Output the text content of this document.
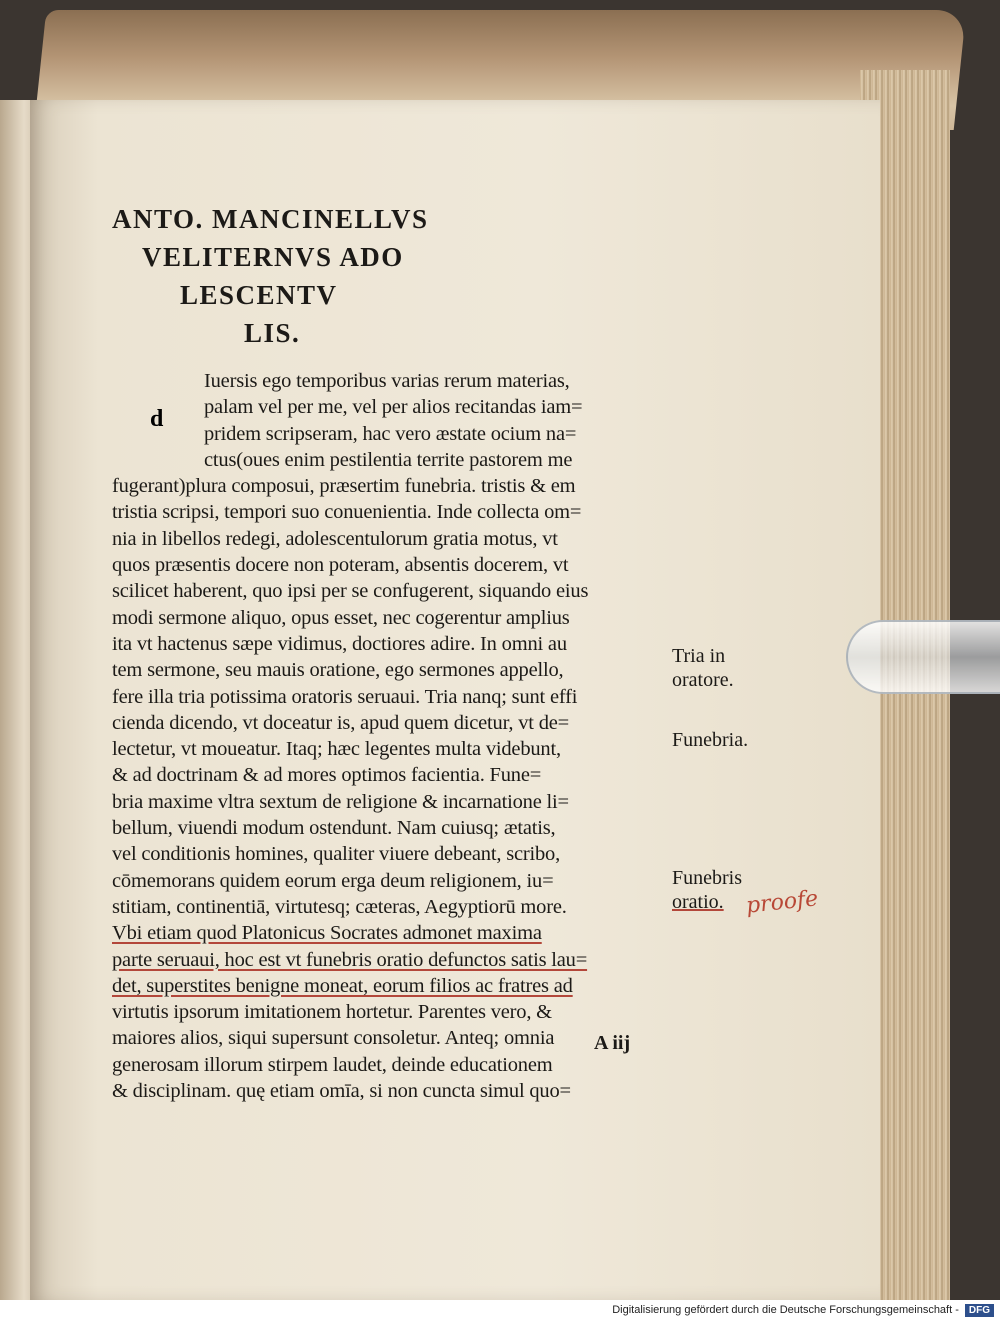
ANTO. MANCINELLVS
VELITERNVS ADO
LESCENTV
LIS.
Iuersis ego temporibus varias rerum materias,
palam vel per me, vel per alios recitandas iam=
pridem scripseram, hac vero æstate ocium na=
ctus(oues enim pestilentia territe pastorem me
fugerant)plura composui, præsertim funebria. tristis & em
tristia scripsi, tempori suo conuenientia. Inde collecta om=
nia in libellos redegi, adolescentulorum gratia motus, vt
quos præsentis docere non poteram, absentis docerem, vt
scilicet haberent, quo ipsi per se confugerent, siquando eius
modi sermone aliquo, opus esset, nec cogerentur amplius
ita vt hactenus sæpe vidimus, doctiores adire. In omni au
tem sermone, seu mauis oratione, ego sermones appello,
fere illa tria potissima oratoris seruaui. Tria nanq; sunt effi
cienda dicendo, vt doceatur is, apud quem dicetur, vt de=
lectetur, vt moueatur. Itaq; hæc legentes multa videbunt,
& ad doctrinam & ad mores optimos facientia. Fune=
bria maxime vltra sextum de religione & incarnatione li=
bellum, viuendi modum ostendunt. Nam cuiusq; ætatis,
vel conditionis homines, qualiter viuere debeant, scribo,
cōmemorans quidem eorum erga deum religionem, iu=
stitiam, continentiā, virtutesq; cæteras, Aegyptiorū more.
Vbi etiam quod Platonicus Socrates admonet maxima
parte seruaui, hoc est vt funebris oratio defunctos satis lau=
det, superstites benigne moneat, eorum filios ac fratres ad
virtutis ipsorum imitationem hortetur. Parentes vero, &
maiores alios, siqui supersunt consoletur. Anteq; omnia
generosam illorum stirpem laudet, deinde educationem
& disciplinam. quę etiam omīa, si non cuncta simul quo=
d
Tria in
oratore.
Funebria.
Funebris
oratio. proofe
A iij
Digitalisierung gefördert durch die Deutsche Forschungsgemeinschaft -	DFG
